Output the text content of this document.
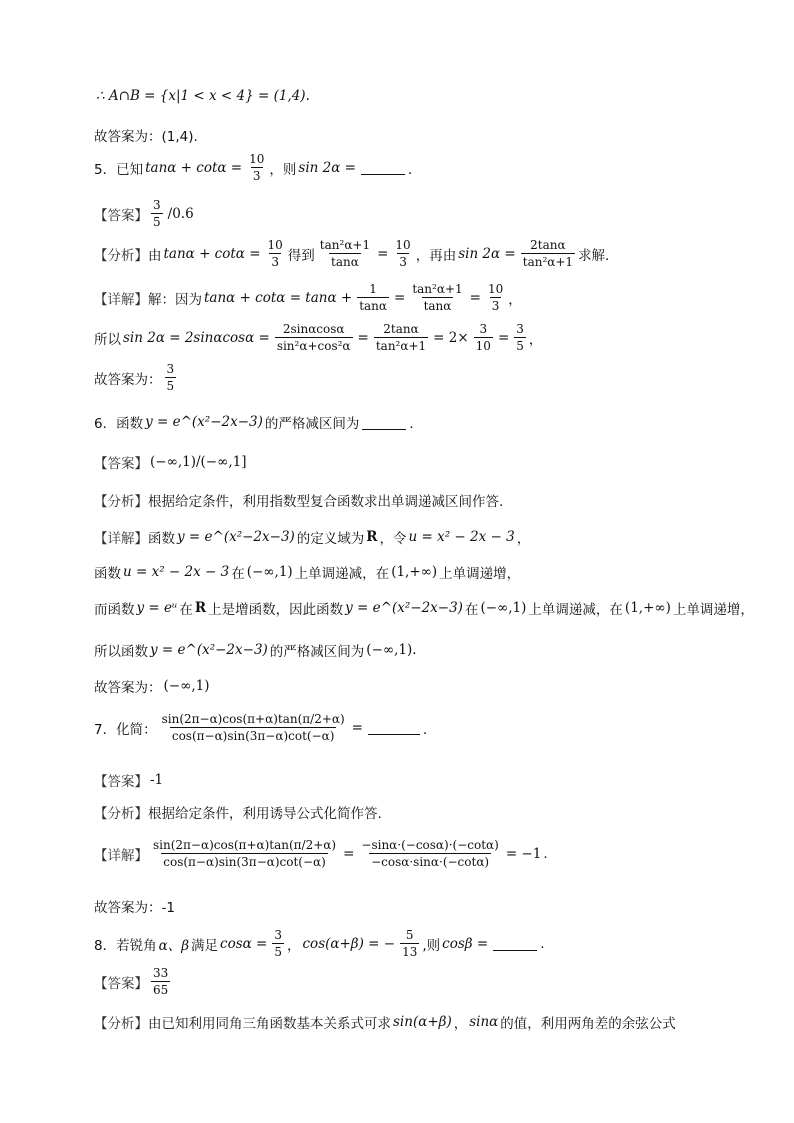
∴ A∩B = {x|1 < x < 4} = (1,4).
故答案为：(1,4).
5．已知 $\tan\alpha + \cot\alpha = \frac{10}{3}$ ，则 sin 2α =	．
【答案】 $\frac{3}{5} /0.6$
【分析】 由 $\tan\alpha + \cot\alpha = \frac{10}{3}$ 得到 $\frac{\text{tan²α+1}}{\tan\alpha} = \frac{10}{3}$ ，再由 $\sin 2\alpha = \frac{2\tan\alpha}{\text{tan²α+1}}$ 求解.
【详解】 解：因为 $\tan\alpha + \cot\alpha = \tan\alpha + \frac{1}{\tan\alpha} = \frac{\text{tan²α+1}}{\tan\alpha} = \frac{10}{3}$ ，
所以 $\sin 2\alpha = 2\sin\alpha\cos\alpha = \frac{2\sin\alpha\cos\alpha}{\text{sin²α+cos²α}} = \frac{2\tan\alpha}{\text{tan²α+1}} = 2\times \frac{3}{10} = \frac{3}{5}$ ，
故答案为： $\frac{3}{5}$
6．函数 y = e^(x²−2x−3) 的严格减区间为	．
【答案】 (−∞,1)/(−∞,1]
【分析】 根据给定条件，利用指数型复合函数求出单调递减区间作答.
【详解】 函数 y = e^(x²−2x−3) 的定义域为 R ，令 u = x² − 2x − 3 ，
函数 u = x² − 2x − 3 在 (−∞,1) 上单调递减，在 (1,+∞) 上单调递增，
而函数 y = eᵘ 在 R 上是增函数，因此函数 y = e^(x²−2x−3) 在 (−∞,1) 上单调递减，在 (1,+∞) 上单调递增，
所以函数 y = e^(x²−2x−3) 的严格减区间为 (−∞,1).
故答案为： (−∞,1)
7．化简： $\frac{\sin(2\pi-\alpha)\cos(\pi+\alpha)\tan(\pi/2+\alpha)}{\cos(\pi-\alpha)\sin(3\pi-\alpha)\cot(-\alpha)}$ =	．
【答案】 -1
【分析】 根据给定条件，利用诱导公式化简作答.
【详解】 $\frac{\sin(2\pi-\alpha)\cos(\pi+\alpha)\tan(\pi/2+\alpha)}{\cos(\pi-\alpha)\sin(3\pi-\alpha)\cot(-\alpha)} = \frac{-\sin\alpha\cdot(-\cos\alpha)\cdot(-\cot\alpha)}{-\cos\alpha\cdot\sin\alpha\cdot(-\cot\alpha)} = -1$ .
故答案为：-1
8．若锐角 α、β 满足 $\cos\alpha = \frac{3}{5}$ ， cos(α+β) = − $\frac{5}{13}$ ,则 cosβ =	.
【答案】 $\frac{33}{65}$
【分析】 由已知利用同角三角函数基本关系式可求 sin(α+β) ， sinα 的值，利用两角差的余弦公式
